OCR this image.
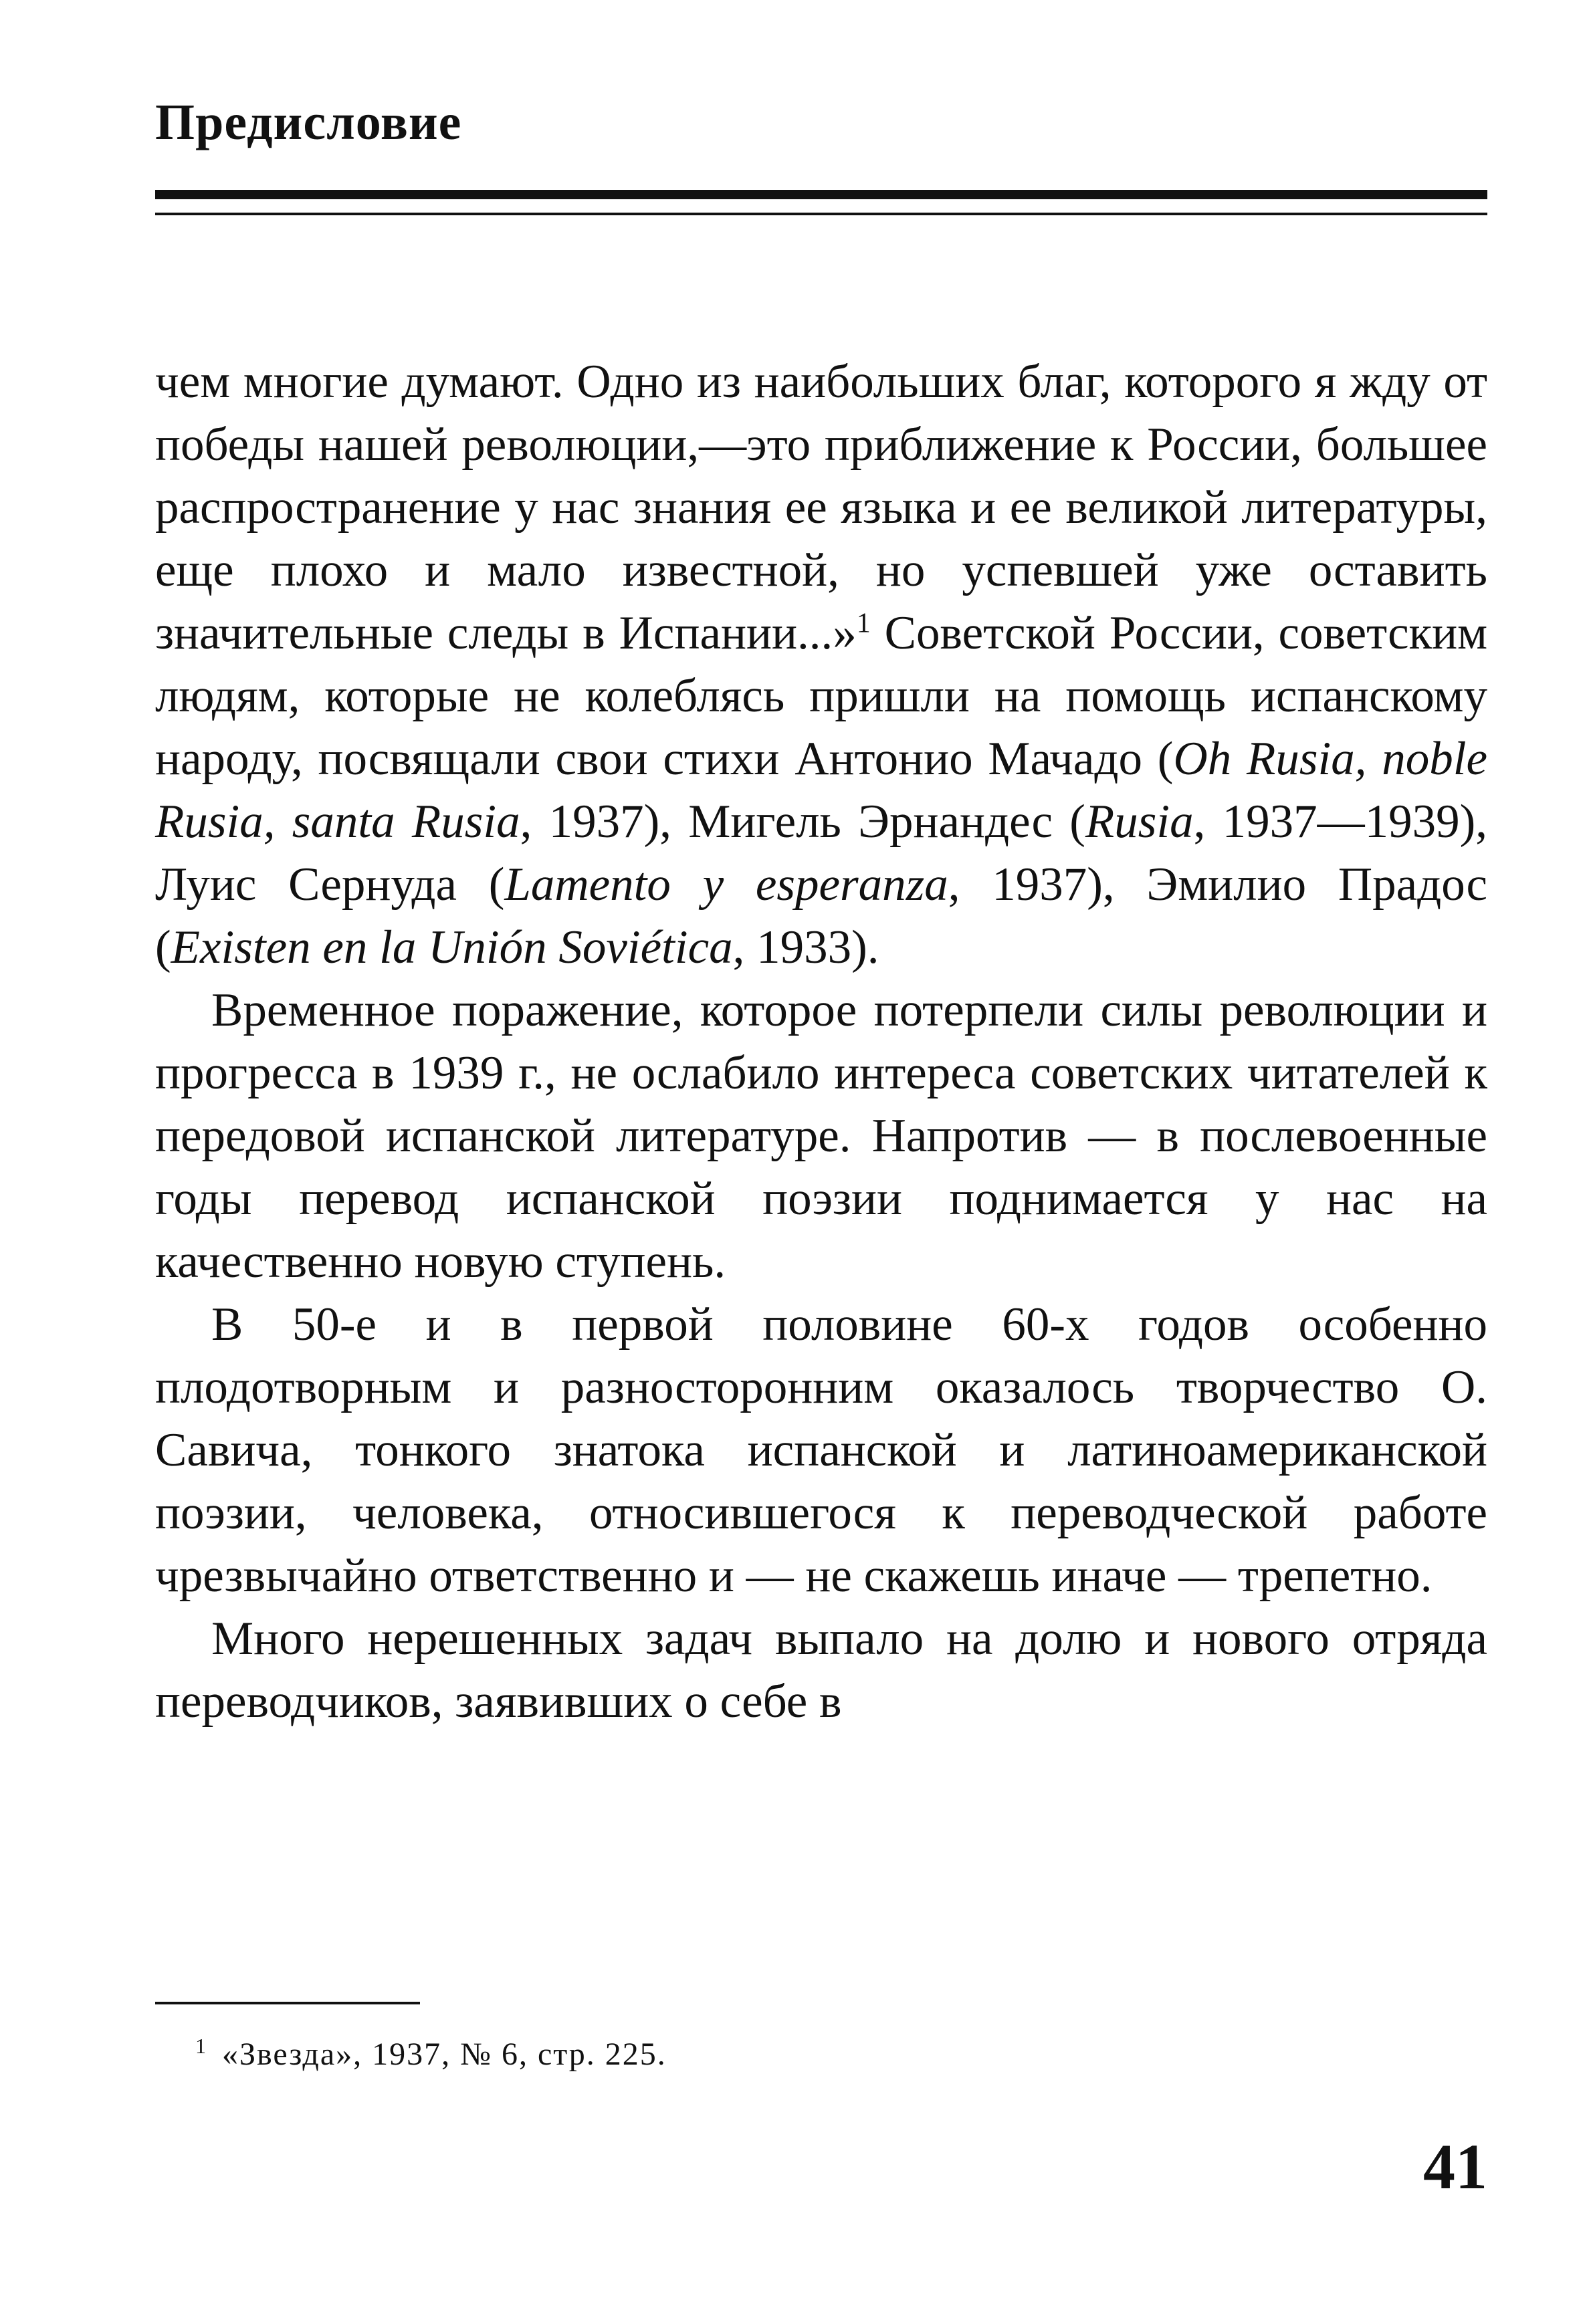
Предисловие

чем многие думают. Одно из наибольших благ, которого я жду от победы нашей революции,—это приближение к России, большее распространение у нас знания ее языка и ее великой литературы, еще плохо и мало известной, но успевшей уже оставить значительные следы в Испании...»$^1$ Советской России, советским людям, которые не колеблясь пришли на помощь испанскому народу, посвящали свои стихи Антонио Мачадо (Oh Rusia, noble Rusia, santa Rusia, 1937), Мигель Эрнандес (Rusia, 1937—1939), Луис Сернуда (Lamento y esperanza, 1937), Эмилио Прадос (Existen en la Unión Soviética, 1933).

Временное поражение, которое потерпели силы революции и прогресса в 1939 г., не ослабило интереса советских читателей к передовой испанской литературе. Напротив — в послевоенные годы перевод испанской поэзии поднимается у нас на качественно новую ступень.

В 50-е и в первой половине 60-х годов особенно плодотворным и разносторонним оказалось творчество О. Савича, тонкого знатока испанской и латиноамериканской поэзии, человека, относившегося к переводческой работе чрезвычайно ответственно и — не скажешь иначе — трепетно.

Много нерешенных задач выпало на долю и нового отряда переводчиков, заявивших о себе в

$^1$ «Звезда», 1937, № 6, стр. 225.

41
